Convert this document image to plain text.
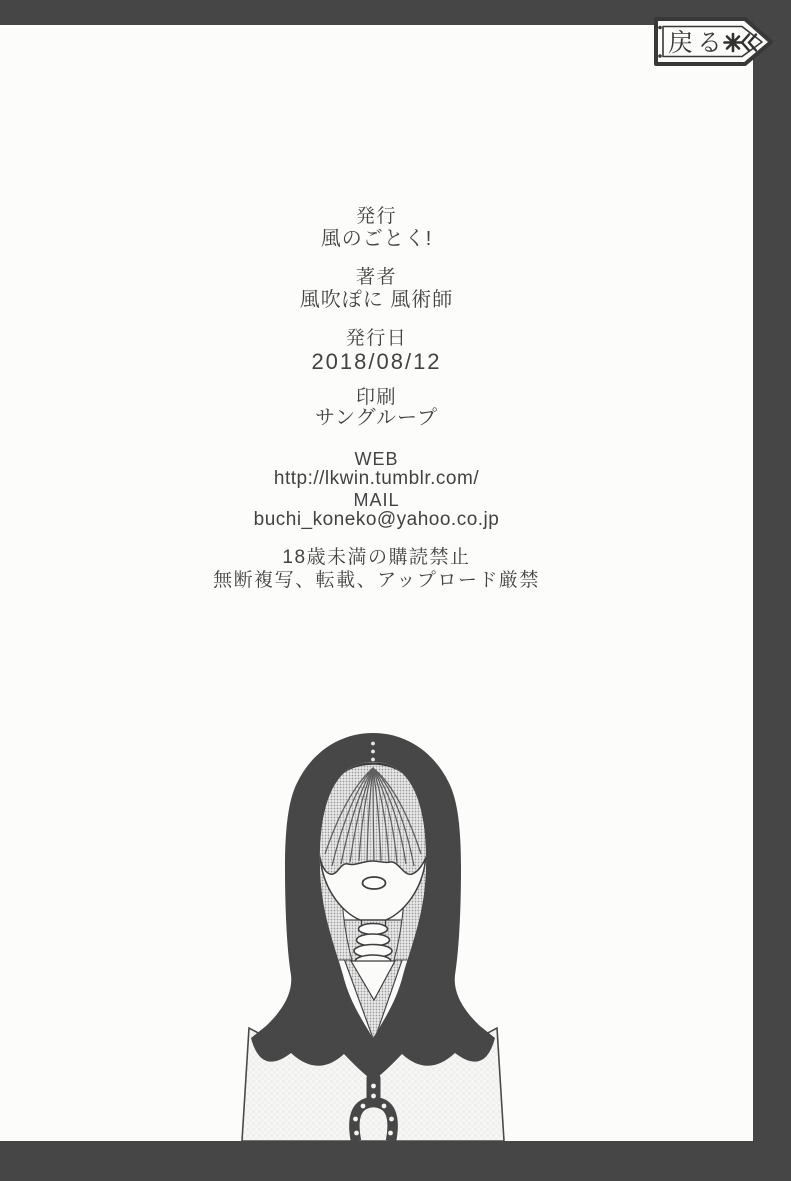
発行
風のごとく!
著者
風吹ぽに 風術師
発行日
2018/08/12
印刷
サングループ
WEB
http://lkwin.tumblr.com/
MAIL
buchi_koneko@yahoo.co.jp
18歳未満の購読禁止
無断複写、転載、アップロード厳禁
戻る
